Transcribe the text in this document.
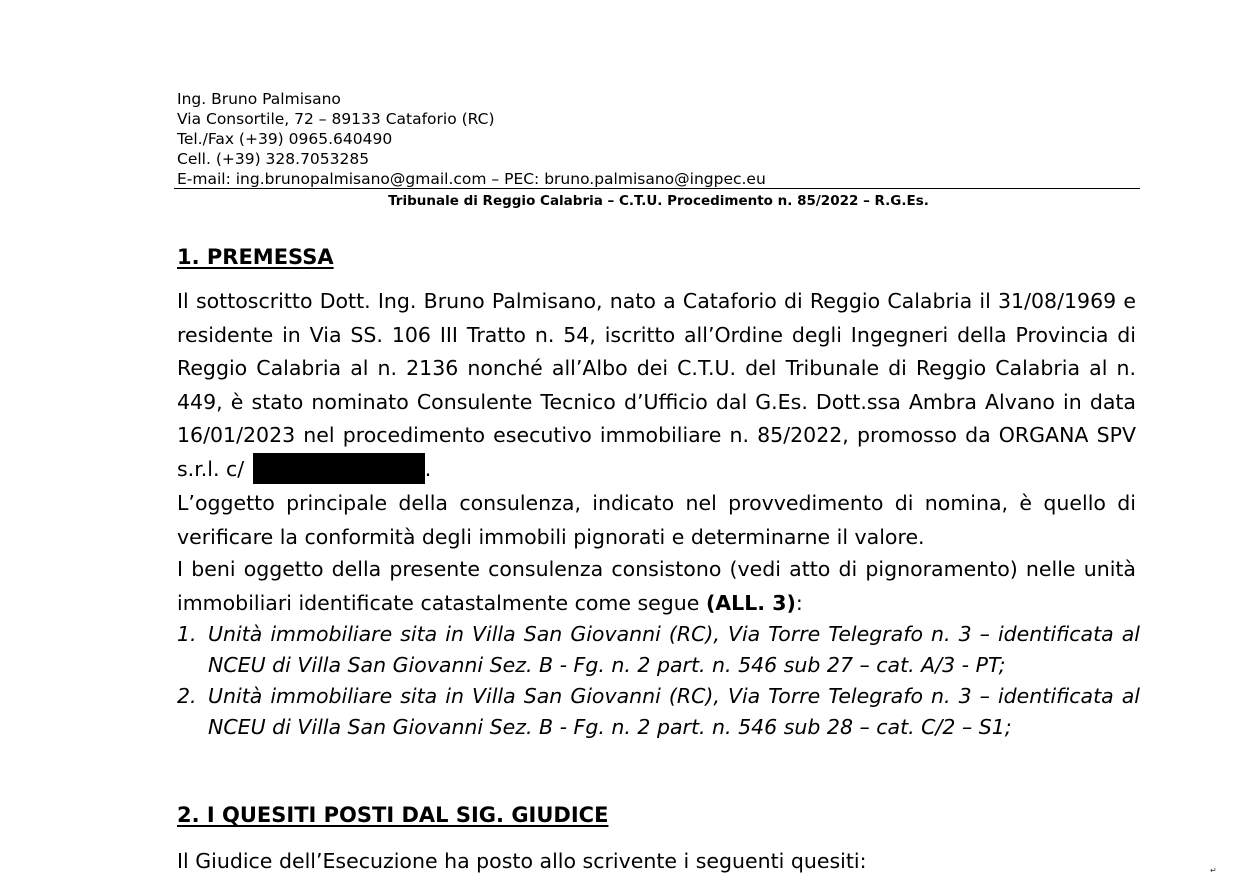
Ing. Bruno Palmisano
Via Consortile, 72 – 89133 Cataforio (RC)
Tel./Fax (+39) 0965.640490
Cell. (+39) 328.7053285
E-mail: ing.brunopalmisano@gmail.com – PEC: bruno.palmisano@ingpec.eu
Tribunale di Reggio Calabria – C.T.U. Procedimento n. 85/2022 – R.G.Es.
1. PREMESSA
Il sottoscritto Dott. Ing. Bruno Palmisano, nato a Cataforio di Reggio Calabria il 31/08/1969 e residente in Via SS. 106 III Tratto n. 54, iscritto all’Ordine degli Ingegneri della Provincia di Reggio Calabria al n. 2136 nonché all’Albo dei C.T.U. del Tribunale di Reggio Calabria al n. 449, è stato nominato Consulente Tecnico d’Ufficio dal G.Es. Dott.ssa Ambra Alvano in data 16/01/2023 nel procedimento esecutivo immobiliare n. 85/2022, promosso da ORGANA SPV s.r.l. c/	.
L’oggetto principale della consulenza, indicato nel provvedimento di nomina, è quello di verificare la conformità degli immobili pignorati e determinarne il valore.
I beni oggetto della presente consulenza consistono (vedi atto di pignoramento) nelle unità immobiliari identificate catastalmente come segue (ALL. 3):
1. Unità immobiliare sita in Villa San Giovanni (RC), Via Torre Telegrafo n. 3 – identificata al NCEU di Villa San Giovanni Sez. B - Fg. n. 2 part. n. 546 sub 27 – cat. A/3 - PT;
2. Unità immobiliare sita in Villa San Giovanni (RC), Via Torre Telegrafo n. 3 – identificata al NCEU di Villa San Giovanni Sez. B - Fg. n. 2 part. n. 546 sub 28 – cat. C/2 – S1;
2. I QUESITI POSTI DAL SIG. GIUDICE
Il Giudice dell’Esecuzione ha posto allo scrivente i seguenti quesiti:	↵
